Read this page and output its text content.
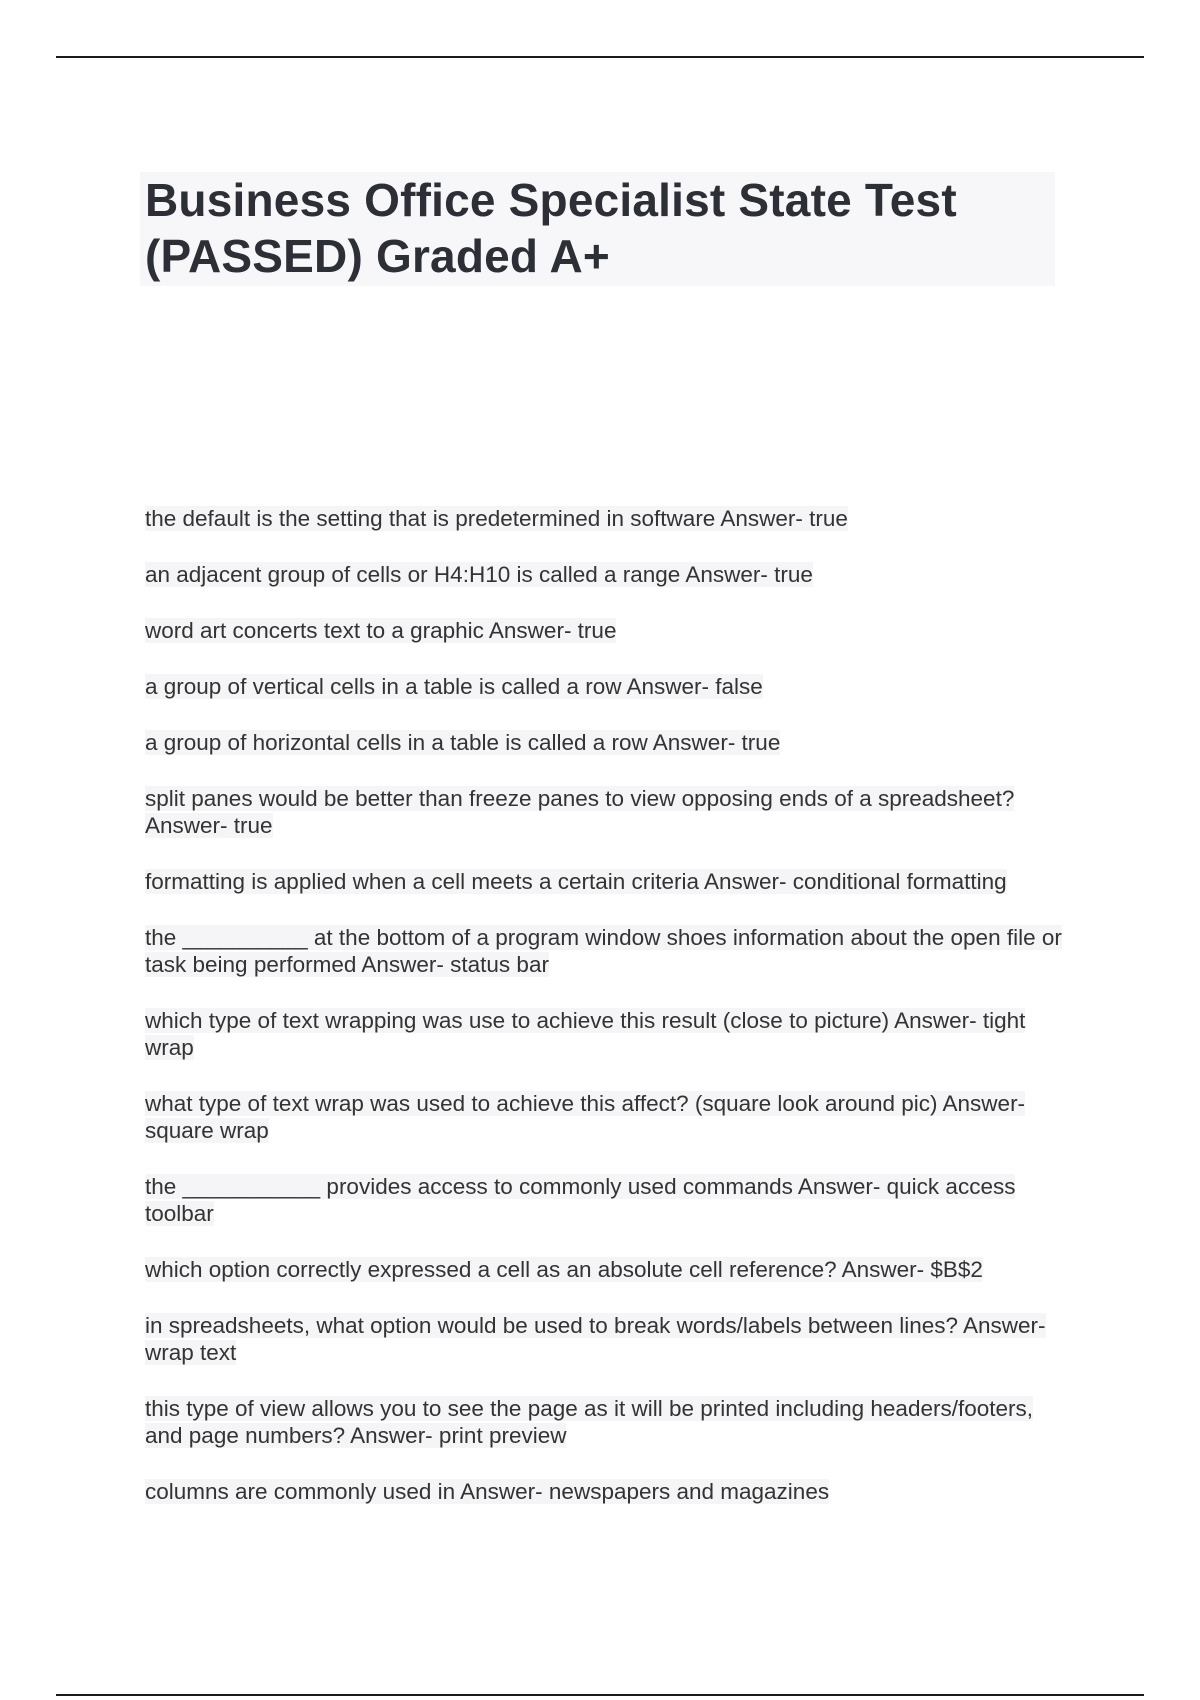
Business Office Specialist State Test
(PASSED) Graded A+
the default is the setting that is predetermined in software Answer- true
an adjacent group of cells or H4:H10 is called a range Answer- true
word art concerts text to a graphic Answer- true
a group of vertical cells in a table is called a row Answer- false
a group of horizontal cells in a table is called a row Answer- true
split panes would be better than freeze panes to view opposing ends of a spreadsheet? Answer- true
formatting is applied when a cell meets a certain criteria Answer- conditional formatting
the __________ at the bottom of a program window shoes information about the open file or task being performed Answer- status bar
which type of text wrapping was use to achieve this result (close to picture) Answer- tight wrap
what type of text wrap was used to achieve this affect? (square look around pic) Answer- square wrap
the ___________ provides access to commonly used commands Answer- quick access toolbar
which option correctly expressed a cell as an absolute cell reference? Answer- $B$2
in spreadsheets, what option would be used to break words/labels between lines? Answer- wrap text
this type of view allows you to see the page as it will be printed including headers/footers, and page numbers? Answer- print preview
columns are commonly used in Answer- newspapers and magazines
